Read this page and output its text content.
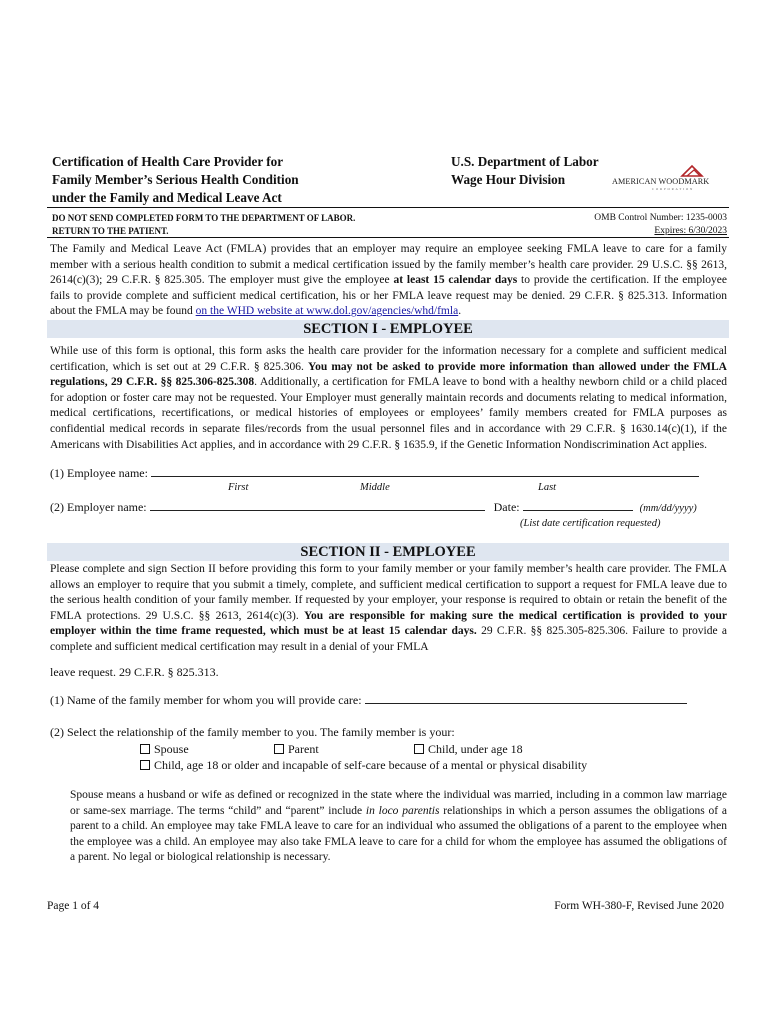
Certification of Health Care Provider for
Family Member’s Serious Health Condition
under the Family and Medical Leave Act
U.S. Department of Labor
Wage Hour Division	AMERICAN WOODMARK
CORPORATION
DO NOT SEND COMPLETED FORM TO THE DEPARTMENT OF LABOR.
RETURN TO THE PATIENT.
OMB Control Number: 1235-0003
Expires: 6/30/2023
The Family and Medical Leave Act (FMLA) provides that an employer may require an employee seeking FMLA leave to care for a family member with a serious health condition to submit a medical certification issued by the family member’s health care provider. 29 U.S.C. §§ 2613, 2614(c)(3); 29 C.F.R. § 825.305. The employer must give the employee at least 15 calendar days to provide the certification. If the employee fails to provide complete and sufficient medical certification, his or her FMLA leave request may be denied. 29 C.F.R. § 825.313. Information about the FMLA may be found on the WHD website at www.dol.gov/agencies/whd/fmla.
SECTION I - EMPLOYEE
While use of this form is optional, this form asks the health care provider for the information necessary for a complete and sufficient medical certification, which is set out at 29 C.F.R. § 825.306. You may not be asked to provide more information than allowed under the FMLA regulations, 29 C.F.R. §§ 825.306-825.308. Additionally, a certification for FMLA leave to bond with a healthy newborn child or a child placed for adoption or foster care may not be requested. Your Employer must generally maintain records and documents relating to medical information, medical certifications, recertifications, or medical histories of employees or employees’ family members created for FMLA purposes as confidential medical records in separate files/records from the usual personnel files and in accordance with 29 C.F.R. § 1630.14(c)(1), if the Americans with Disabilities Act applies, and in accordance with 29 C.F.R. § 1635.9, if the Genetic Information Nondiscrimination Act applies.
(1) Employee name:
First	Middle	Last
(2) Employer name:	Date:	(mm/dd/yyyy)
(List date certification requested)
SECTION II - EMPLOYEE
Please complete and sign Section II before providing this form to your family member or your family member’s health care provider. The FMLA allows an employer to require that you submit a timely, complete, and sufficient medical certification to support a request for FMLA leave due to the serious health condition of your family member. If requested by your employer, your response is required to obtain or retain the benefit of the FMLA protections. 29 U.S.C. §§ 2613, 2614(c)(3). You are responsible for making sure the medical certification is provided to your employer within the time frame requested, which must be at least 15 calendar days. 29 C.F.R. §§ 825.305-825.306. Failure to provide a complete and sufficient medical certification may result in a denial of your FMLA
leave request. 29 C.F.R. § 825.313.
(1) Name of the family member for whom you will provide care:
(2) Select the relationship of the family member to you. The family member is your:
Spouse	Parent	Child, under age 18
Child, age 18 or older and incapable of self-care because of a mental or physical disability
Spouse means a husband or wife as defined or recognized in the state where the individual was married, including in a common law marriage or same-sex marriage. The terms “child” and “parent” include in loco parentis relationships in which a person assumes the obligations of a parent to a child. An employee may take FMLA leave to care for an individual who assumed the obligations of a parent to the employee when the employee was a child. An employee may also take FMLA leave to care for a child for whom the employee has assumed the obligations of a parent. No legal or biological relationship is necessary.
Page 1 of 4	Form WH-380-F, Revised June 2020
